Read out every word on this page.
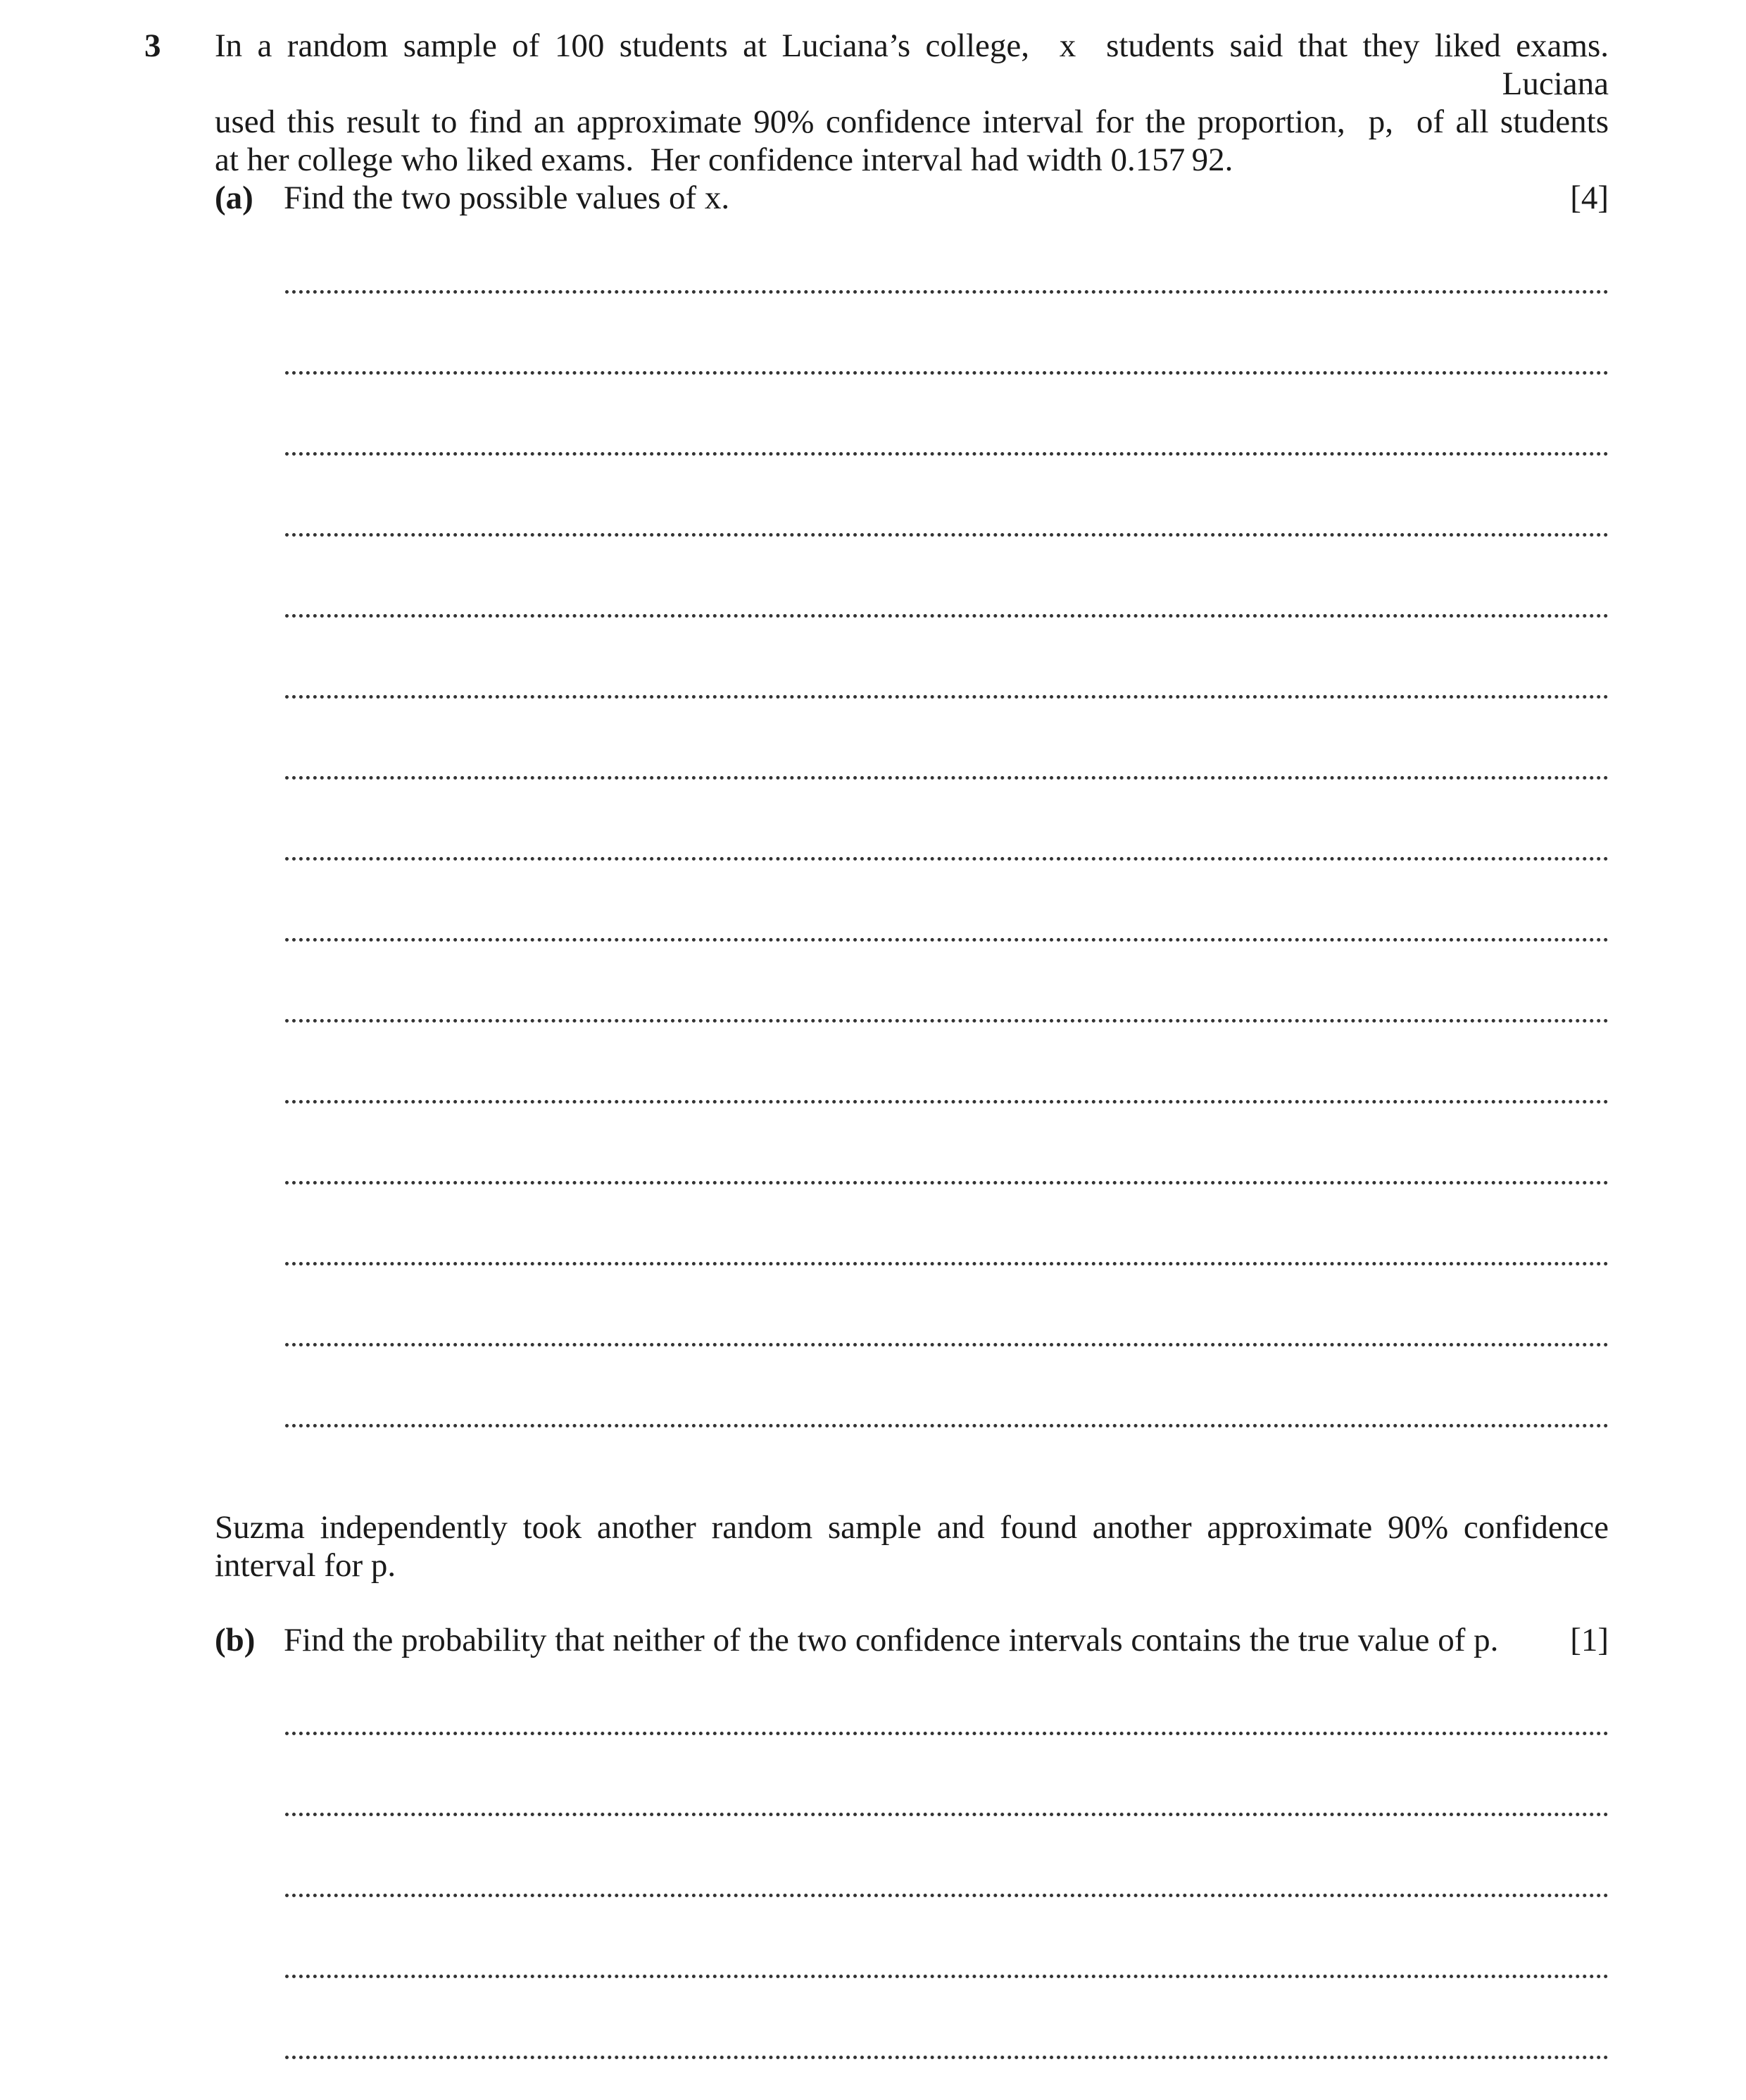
3 In a random sample of 100 students at Luciana’s college,  x  students said that they liked exams.  Luciana
used this result to find an approximate 90% confidence interval for the proportion,  p,  of all students
at her college who liked exams.  Her confidence interval had width 0.157 92.
(a) Find the two possible values of x.	[4]
Suzma independently took another random sample and found another approximate 90% confidence
interval for p.
(b) Find the probability that neither of the two confidence intervals contains the true value of p. [1]
